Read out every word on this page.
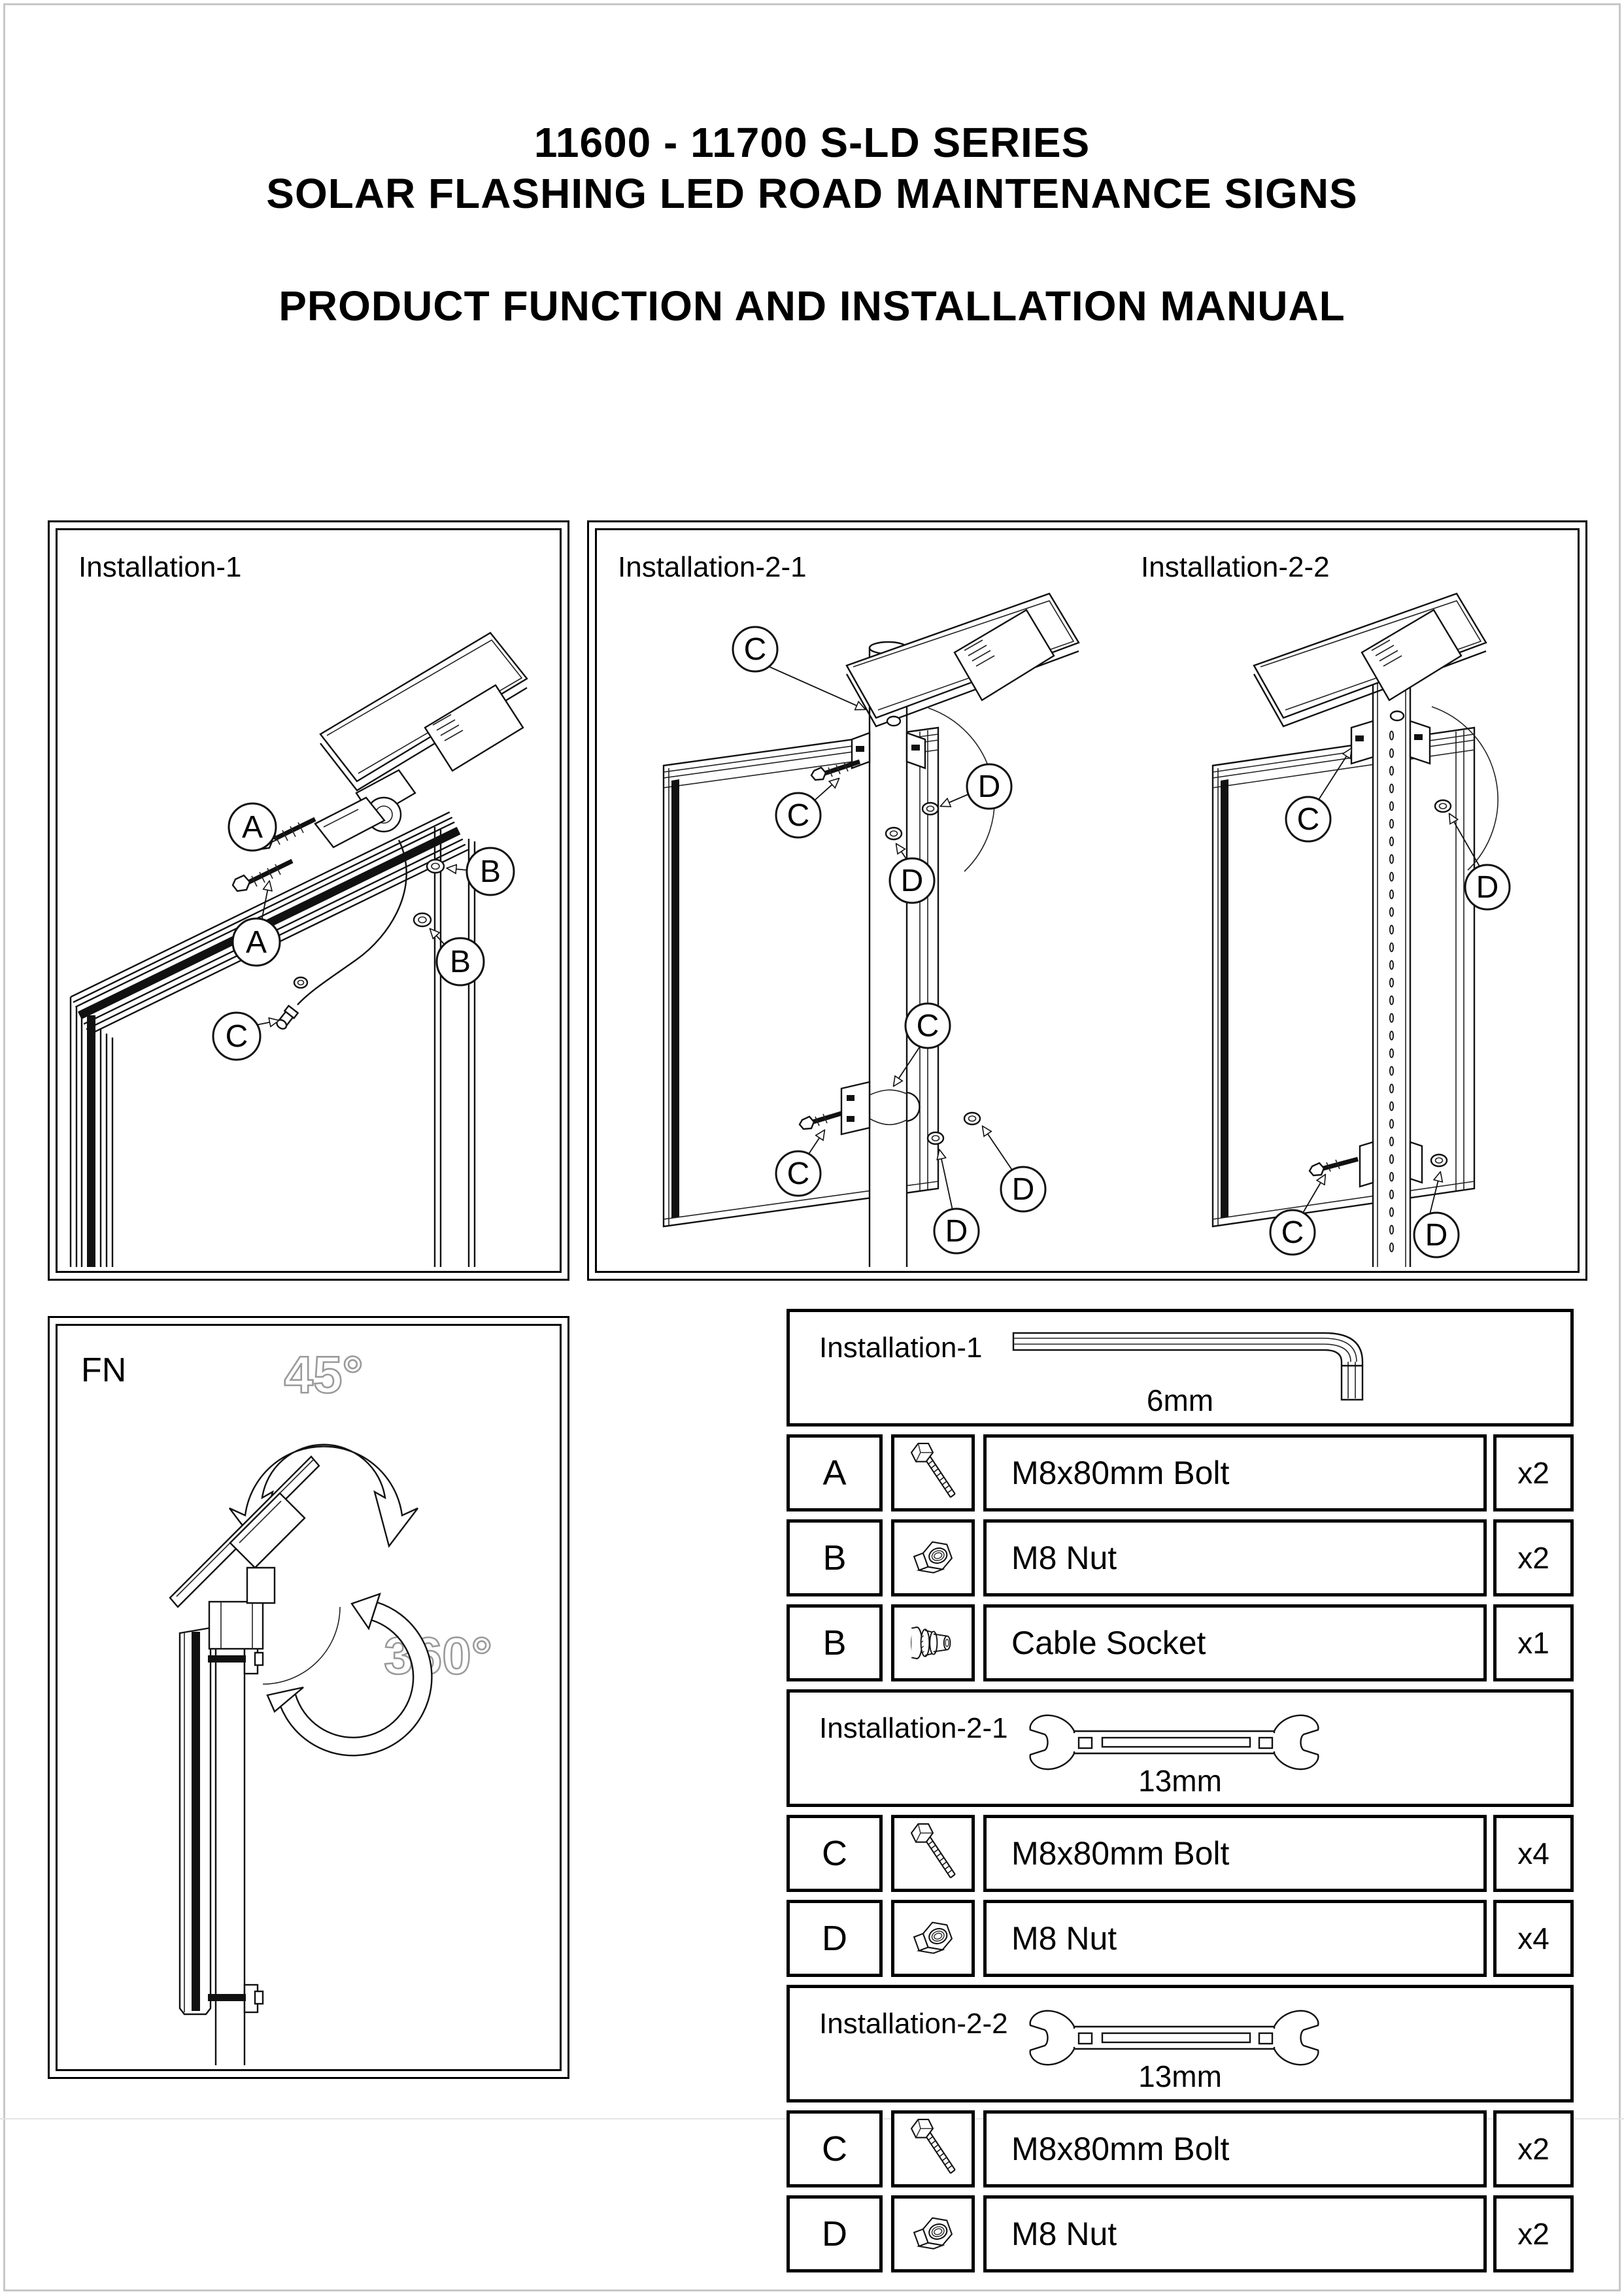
11600 - 11700 S-LD SERIES
SOLAR FLASHING LED ROAD MAINTENANCE SIGNS
PRODUCT FUNCTION AND INSTALLATION MANUAL
Installation-1
A
A
B
B
C
Installation-2-1	Installation-2-2
C
C
D
D
C
C
D
D
C
D
C	D
FN	45°
360°
Installation-1
6mm
A	M8x80mm Bolt	x2
B	M8 Nut	x2
B	Cable Socket	x1
Installation-2-1
13mm
C	M8x80mm Bolt	x4
D	M8 Nut	x4
Installation-2-2
13mm
C	M8x80mm Bolt	x2
D	M8 Nut	x2
